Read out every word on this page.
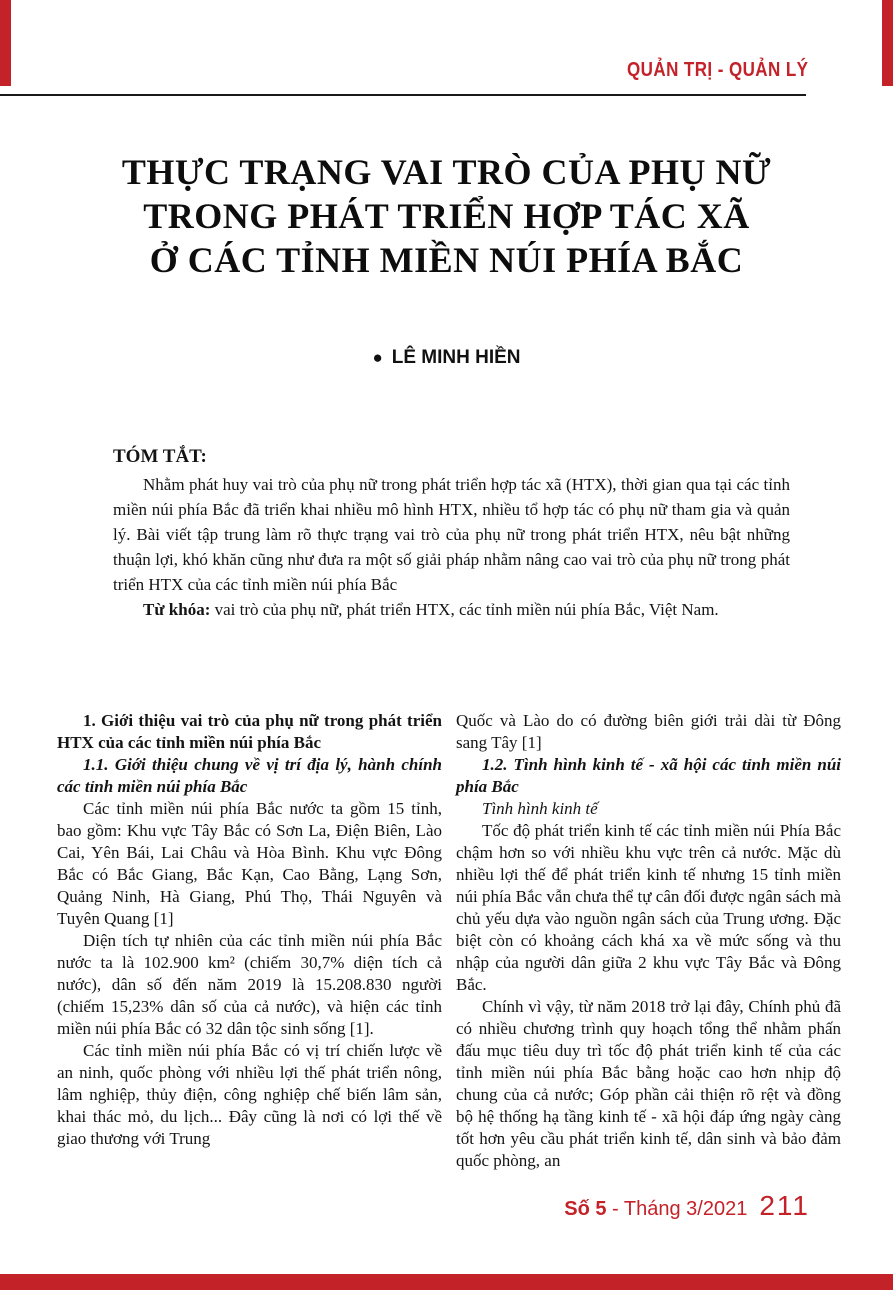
QUẢN TRỊ - QUẢN LÝ
THỰC TRẠNG VAI TRÒ CỦA PHỤ NỮ
TRONG PHÁT TRIỂN HỢP TÁC XÃ
Ở CÁC TỈNH MIỀN NÚI PHÍA BẮC
● LÊ MINH HIỀN

TÓM TẮT:

Nhằm phát huy vai trò của phụ nữ trong phát triển hợp tác xã (HTX), thời gian qua tại các tỉnh miền núi phía Bắc đã triển khai nhiều mô hình HTX, nhiều tổ hợp tác có phụ nữ tham gia và quản lý. Bài viết tập trung làm rõ thực trạng vai trò của phụ nữ trong phát triển HTX, nêu bật những thuận lợi, khó khăn cũng như đưa ra một số giải pháp nhằm nâng cao vai trò của phụ nữ trong phát triển HTX của các tỉnh miền núi phía Bắc

Từ khóa: vai trò của phụ nữ, phát triển HTX, các tỉnh miền núi phía Bắc, Việt Nam.

1. Giới thiệu vai trò của phụ nữ trong phát triển HTX của các tỉnh miền núi phía Bắc

1.1. Giới thiệu chung về vị trí địa lý, hành chính các tỉnh miền núi phía Bắc

Các tỉnh miền núi phía Bắc nước ta gồm 15 tỉnh, bao gồm: Khu vực Tây Bắc có Sơn La, Điện Biên, Lào Cai, Yên Bái, Lai Châu và Hòa Bình. Khu vực Đông Bắc có Bắc Giang, Bắc Kạn, Cao Bằng, Lạng Sơn, Quảng Ninh, Hà Giang, Phú Thọ, Thái Nguyên và Tuyên Quang [1]

Diện tích tự nhiên của các tỉnh miền núi phía Bắc nước ta là 102.900 km² (chiếm 30,7% diện tích cả nước), dân số đến năm 2019 là 15.208.830 người (chiếm 15,23% dân số của cả nước), và hiện các tỉnh miền núi phía Bắc có 32 dân tộc sinh sống [1].

Các tỉnh miền núi phía Bắc có vị trí chiến lược về an ninh, quốc phòng với nhiều lợi thế phát triển nông, lâm nghiệp, thủy điện, công nghiệp chế biến lâm sản, khai thác mỏ, du lịch... Đây cũng là nơi có lợi thế về giao thương với Trung

Quốc và Lào do có đường biên giới trải dài từ Đông sang Tây [1]

1.2. Tình hình kinh tế - xã hội các tỉnh miền núi phía Bắc

Tình hình kinh tế

Tốc độ phát triển kinh tế các tỉnh miền núi Phía Bắc chậm hơn so với nhiều khu vực trên cả nước. Mặc dù nhiều lợi thế để phát triển kinh tế nhưng 15 tỉnh miền núi phía Bắc vẫn chưa thể tự cân đối được ngân sách mà chủ yếu dựa vào nguồn ngân sách của Trung ương. Đặc biệt còn có khoảng cách khá xa về mức sống và thu nhập của người dân giữa 2 khu vực Tây Bắc và Đông Bắc.

Chính vì vậy, từ năm 2018 trở lại đây, Chính phủ đã có nhiều chương trình quy hoạch tổng thể nhằm phấn đấu mục tiêu duy trì tốc độ phát triển kinh tế của các tỉnh miền núi phía Bắc bằng hoặc cao hơn nhịp độ chung của cả nước; Góp phần cải thiện rõ rệt và đồng bộ hệ thống hạ tầng kinh tế - xã hội đáp ứng ngày càng tốt hơn yêu cầu phát triển kinh tế, dân sinh và bảo đảm quốc phòng, an

Số 5 - Tháng 3/2021 211
